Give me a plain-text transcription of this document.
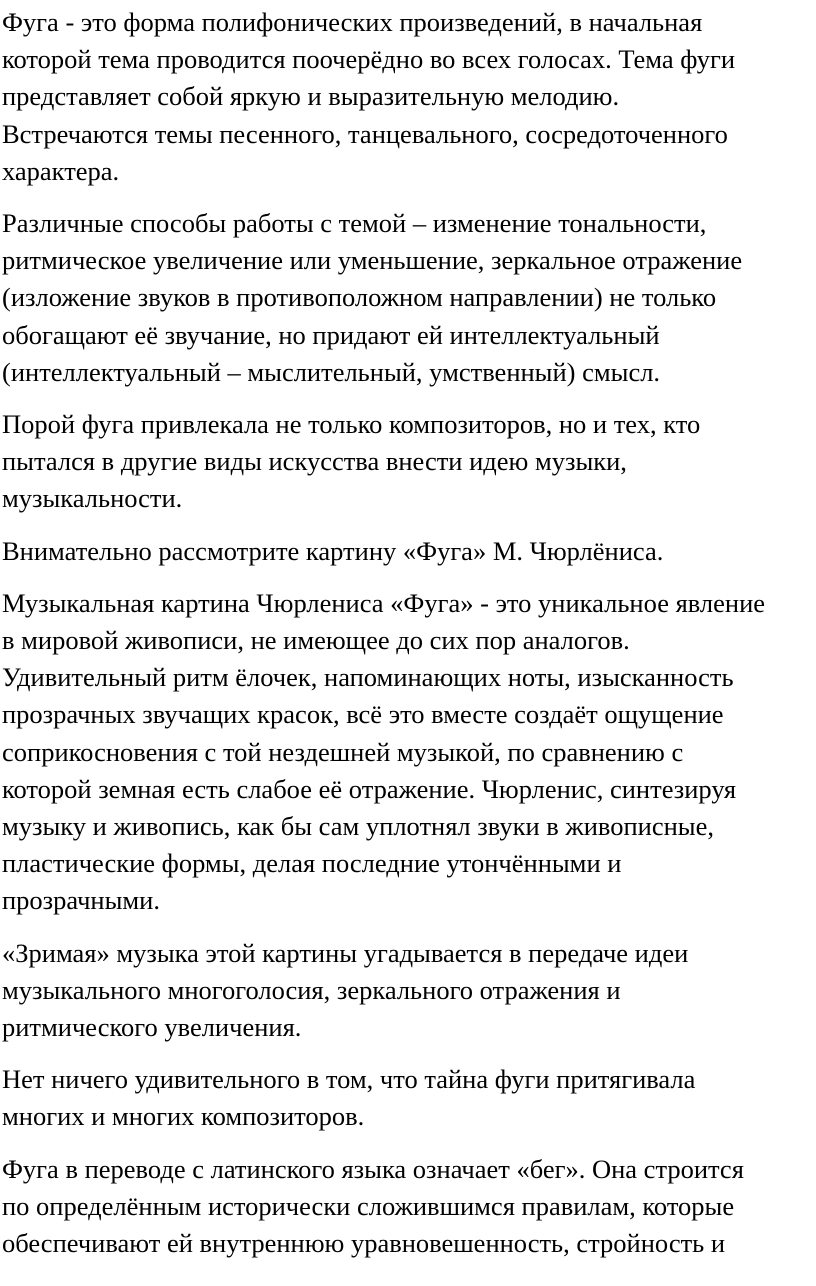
Фуга - это форма полифонических произведений, в начальная
которой тема проводится поочерёдно во всех голосах. Тема фуги
представляет собой яркую и выразительную мелодию.
Встречаются темы песенного, танцевального, сосредоточенного
характера.
Различные способы работы с темой – изменение тональности,
ритмическое увеличение или уменьшение, зеркальное отражение
(изложение звуков в противоположном направлении) не только
обогащают её звучание, но придают ей интеллектуальный
(интеллектуальный – мыслительный, умственный) смысл.
Порой фуга привлекала не только композиторов, но и тех, кто
пытался в другие виды искусства внести идею музыки,
музыкальности.
Внимательно рассмотрите картину «Фуга» М. Чюрлёниса.
Музыкальная картина Чюрлениса «Фуга» - это уникальное явление
в мировой живописи, не имеющее до сих пор аналогов.
Удивительный ритм ёлочек, напоминающих ноты, изысканность
прозрачных звучащих красок, всё это вместе создаёт ощущение
соприкосновения с той нездешней музыкой, по сравнению с
которой земная есть слабое её отражение. Чюрленис, синтезируя
музыку и живопись, как бы сам уплотнял звуки в живописные,
пластические формы, делая последние утончёнными и
прозрачными.
«Зримая» музыка этой картины угадывается в передаче идеи
музыкального многоголосия, зеркального отражения и
ритмического увеличения.
Нет ничего удивительного в том, что тайна фуги притягивала
многих и многих композиторов.
Фуга в переводе с латинского языка означает «бег». Она строится
по определённым исторически сложившимся правилам, которые
обеспечивают ей внутреннюю уравновешенность, стройность и
